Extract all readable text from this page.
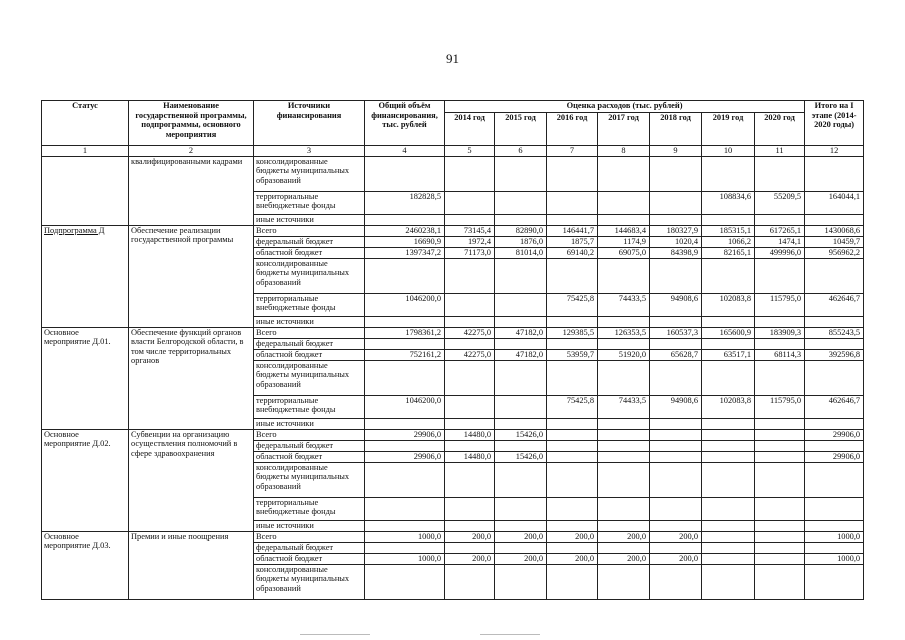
91
Статус	Наименование государственной программы, подпрограммы, основного мероприятия	Источники финансирования	Общий объём финансирования, тыс. рублей	Оценка расходов (тыс. рублей)							Итого на I этапе (2014-2020 годы)
				2014 год	2015 год	2016 год	2017 год	2018 год	2019 год	2020 год	
1	2	3	4	5	6	7	8	9	10	11	12
	квалифицированными кадрами	консолидированные бюджеты муниципальных образований									
		территориальные внебюджетные фонды	182828,5						108834,6	55209,5	164044,1
		иные источники									
Подпрограмма Д	Обеспечение реализации государственной программы	Всего	2460238,1	73145,4	82890,0	146441,7	144683,4	180327,9	185315,1	617265,1	1430068,6
		федеральный бюджет	16690,9	1972,4	1876,0	1875,7	1174,9	1020,4	1066,2	1474,1	10459,7
		областной бюджет	1397347,2	71173,0	81014,0	69140,2	69075,0	84398,9	82165,1	499996,0	956962,2
		консолидированные бюджеты муниципальных образований									
		территориальные внебюджетные фонды	1046200,0			75425,8	74433,5	94908,6	102083,8	115795,0	462646,7
		иные источники									
Основное мероприятие Д.01.	Обеспечение функций органов власти Белгородской области, в том числе территориальных органов	Всего	1798361,2	42275,0	47182,0	129385,5	126353,5	160537,3	165600,9	183909,3	855243,5
		федеральный бюджет									
		областной бюджет	752161,2	42275,0	47182,0	53959,7	51920,0	65628,7	63517,1	68114,3	392596,8
		консолидированные бюджеты муниципальных образований									
		территориальные внебюджетные фонды	1046200,0			75425,8	74433,5	94908,6	102083,8	115795,0	462646,7
		иные источники									
Основное мероприятие Д.02.	Субвенции на организацию осуществления полномочий в сфере здравоохранения	Всего	29906,0	14480,0	15426,0						29906,0
		федеральный бюджет									
		областной бюджет	29906,0	14480,0	15426,0						29906,0
		консолидированные бюджеты муниципальных образований									
		территориальные внебюджетные фонды									
		иные источники									
Основное мероприятие Д.03.	Премии и иные поощрения	Всего	1000,0	200,0	200,0	200,0	200,0	200,0			1000,0
		федеральный бюджет									
		областной бюджет	1000,0	200,0	200,0	200,0	200,0	200,0			1000,0
		консолидированные бюджеты муниципальных образований									
